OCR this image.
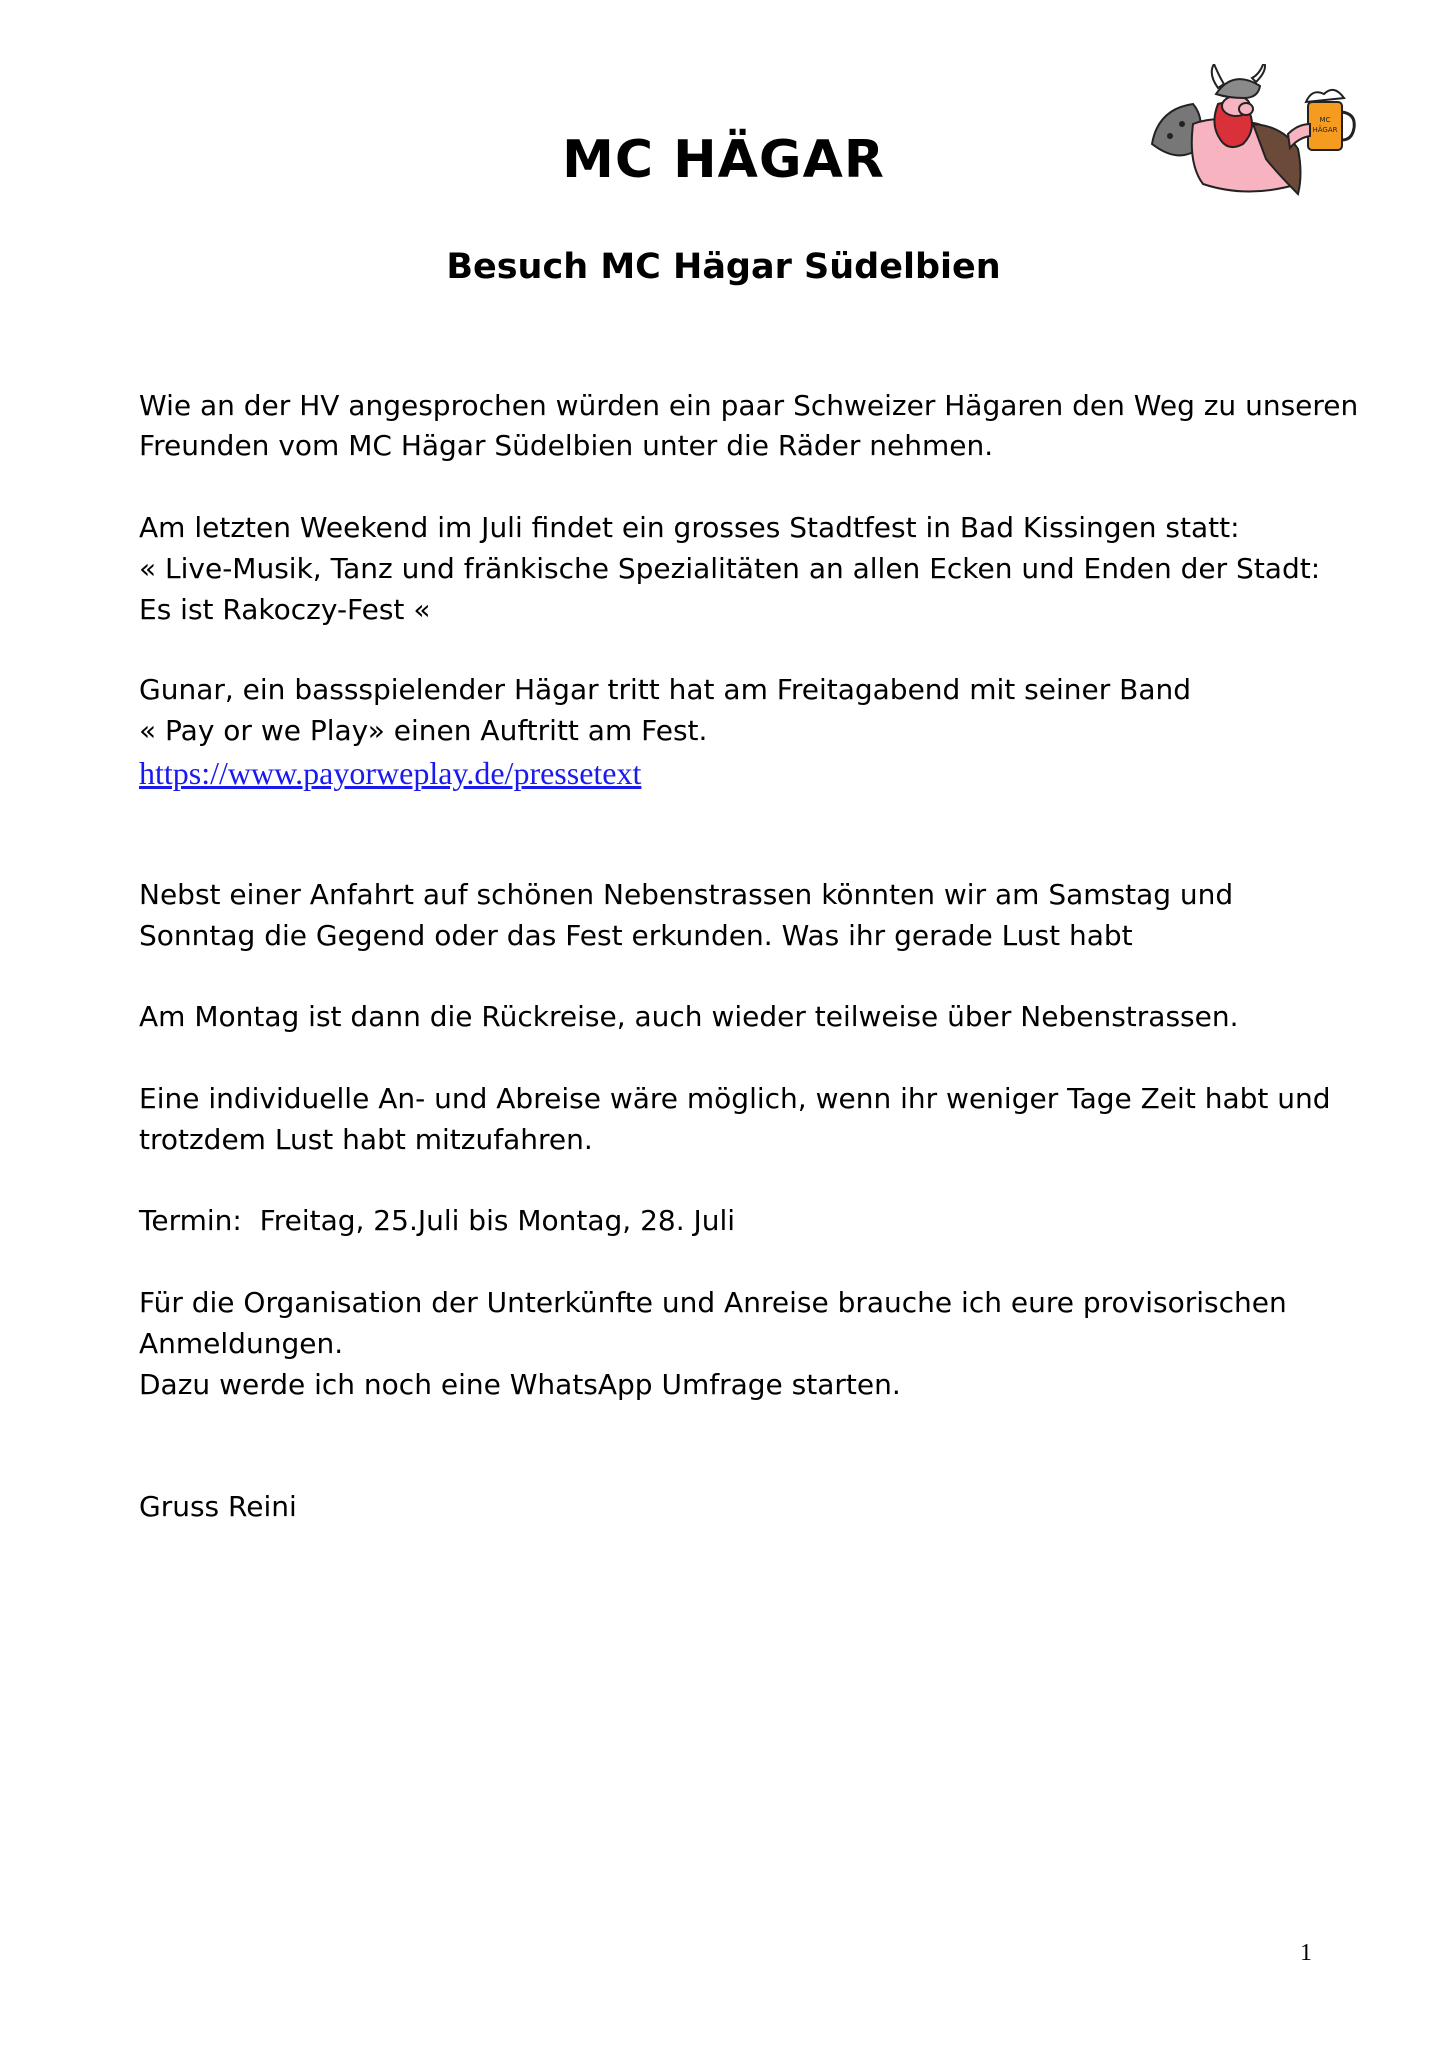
MC
HÄGAR
MC HÄGAR
Besuch MC Hägar Südelbien
Wie an der HV angesprochen würden ein paar Schweizer Hägaren den Weg zu unseren
Freunden vom MC Hägar Südelbien unter die Räder nehmen.
Am letzten Weekend im Juli findet ein grosses Stadtfest in Bad Kissingen statt:
« Live-Musik, Tanz und fränkische Spezialitäten an allen Ecken und Enden der Stadt:
Es ist Rakoczy-Fest «
Gunar, ein bassspielender Hägar tritt hat am Freitagabend mit seiner Band
« Pay or we Play» einen Auftritt am Fest.
https://www.payorweplay.de/pressetext
Nebst einer Anfahrt auf schönen Nebenstrassen könnten wir am Samstag und
Sonntag die Gegend oder das Fest erkunden. Was ihr gerade Lust habt
Am Montag ist dann die Rückreise, auch wieder teilweise über Nebenstrassen.
Eine individuelle An- und Abreise wäre möglich, wenn ihr weniger Tage Zeit habt und
trotzdem Lust habt mitzufahren.
Termin:  Freitag, 25.Juli bis Montag, 28. Juli
Für die Organisation der Unterkünfte und Anreise brauche ich eure provisorischen
Anmeldungen.
Dazu werde ich noch eine WhatsApp Umfrage starten.
Gruss Reini
1
